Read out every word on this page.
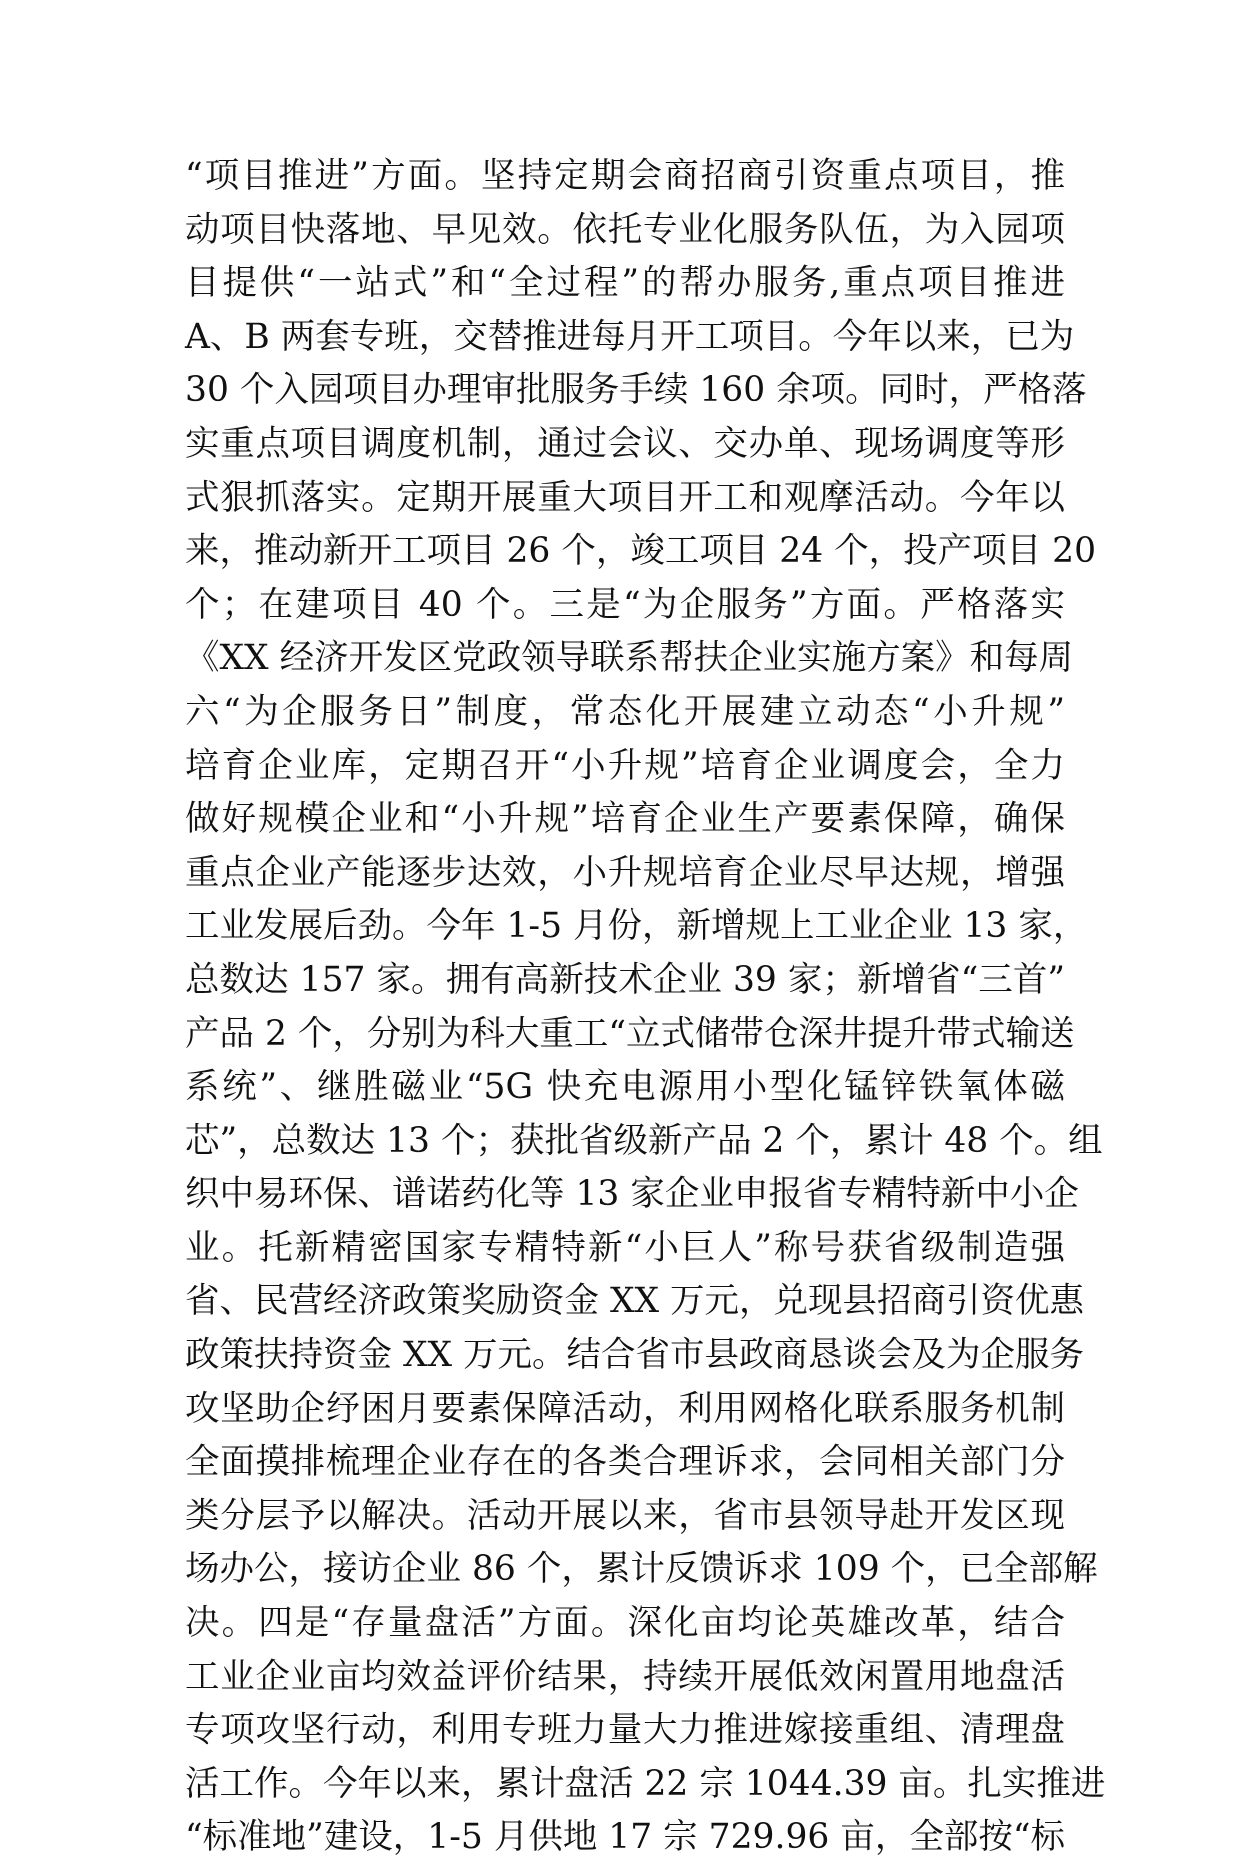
“项目推进”方面。坚持定期会商招商引资重点项目，推
动项目快落地、早见效。依托专业化服务队伍，为入园项
目提供“一站式”和“全过程”的帮办服务,重点项目推进
A、B 两套专班，交替推进每月开工项目。今年以来，已为
30 个入园项目办理审批服务手续 160 余项。同时，严格落
实重点项目调度机制，通过会议、交办单、现场调度等形
式狠抓落实。定期开展重大项目开工和观摩活动。今年以
来，推动新开工项目 26 个，竣工项目 24 个，投产项目 20
个；在建项目 40 个。三是“为企服务”方面。严格落实
《XX 经济开发区党政领导联系帮扶企业实施方案》和每周
六“为企服务日”制度，常态化开展建立动态“小升规”
培育企业库，定期召开“小升规”培育企业调度会，全力
做好规模企业和“小升规”培育企业生产要素保障，确保
重点企业产能逐步达效，小升规培育企业尽早达规，增强
工业发展后劲。今年 1-5 月份，新增规上工业企业 13 家，
总数达 157 家。拥有高新技术企业 39 家；新增省“三首”
产品 2 个，分别为科大重工“立式储带仓深井提升带式输送
系统”、继胜磁业“5G 快充电源用小型化锰锌铁氧体磁
芯”，总数达 13 个；获批省级新产品 2 个，累计 48 个。组
织中易环保、谱诺药化等 13 家企业申报省专精特新中小企
业。托新精密国家专精特新“小巨人”称号获省级制造强
省、民营经济政策奖励资金 XX 万元，兑现县招商引资优惠
政策扶持资金 XX 万元。结合省市县政商恳谈会及为企服务
攻坚助企纾困月要素保障活动，利用网格化联系服务机制
全面摸排梳理企业存在的各类合理诉求，会同相关部门分
类分层予以解决。活动开展以来，省市县领导赴开发区现
场办公，接访企业 86 个，累计反馈诉求 109 个，已全部解
决。四是“存量盘活”方面。深化亩均论英雄改革，结合
工业企业亩均效益评价结果，持续开展低效闲置用地盘活
专项攻坚行动，利用专班力量大力推进嫁接重组、清理盘
活工作。今年以来，累计盘活 22 宗 1044.39 亩。扎实推进
“标准地”建设，1-5 月供地 17 宗 729.96 亩，全部按“标
